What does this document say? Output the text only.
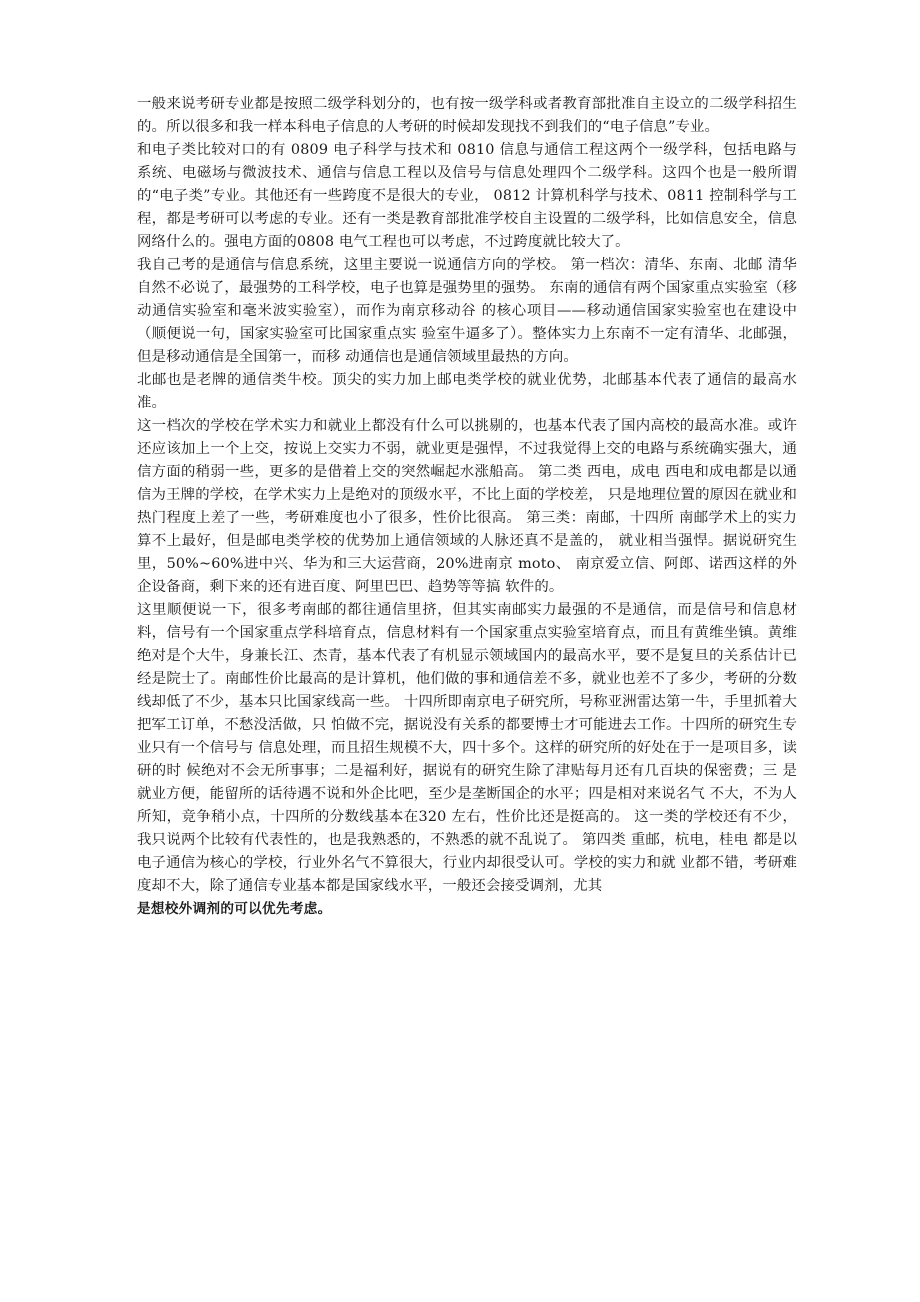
一般来说考研专业都是按照二级学科划分的，也有按一级学科或者教育部批准自主设立的二级学科招生的。所以很多和我一样本科电子信息的人考研的时候却发现找不到我们的“电子信息”专业。

和电子类比较对口的有 0809 电子科学与技术和 0810 信息与通信工程这两个一级学科，包括电路与系统、电磁场与微波技术、通信与信息工程以及信号与信息处理四个二级学科。这四个也是一般所谓的“电子类”专业。其他还有一些跨度不是很大的专业， 0812 计算机科学与技术、0811 控制科学与工程，都是考研可以考虑的专业。还有一类是教育部批准学校自主设置的二级学科，比如信息安全，信息网络什么的。强电方面的0808 电气工程也可以考虑，不过跨度就比较大了。

我自己考的是通信与信息系统，这里主要说一说通信方向的学校。 第一档次：清华、东南、北邮 清华自然不必说了，最强势的工科学校，电子也算是强势里的强势。 东南的通信有两个国家重点实验室（移动通信实验室和毫米波实验室），而作为南京移动谷 的核心项目——移动通信国家实验室也在建设中（顺便说一句，国家实验室可比国家重点实 验室牛逼多了）。整体实力上东南不一定有清华、北邮强，但是移动通信是全国第一，而移 动通信也是通信领域里最热的方向。

北邮也是老牌的通信类牛校。顶尖的实力加上邮电类学校的就业优势，北邮基本代表了通信的最高水准。

这一档次的学校在学术实力和就业上都没有什么可以挑剔的，也基本代表了国内高校的最高水准。或许还应该加上一个上交，按说上交实力不弱，就业更是强悍，不过我觉得上交的电路与系统确实强大，通信方面的稍弱一些，更多的是借着上交的突然崛起水涨船高。 第二类 西电，成电 西电和成电都是以通信为王牌的学校，在学术实力上是绝对的顶级水平，不比上面的学校差， 只是地理位置的原因在就业和热门程度上差了一些，考研难度也小了很多，性价比很高。 第三类：南邮，十四所 南邮学术上的实力算不上最好，但是邮电类学校的优势加上通信领域的人脉还真不是盖的， 就业相当强悍。据说研究生里，50%~60%进中兴、华为和三大运营商，20%进南京 moto、 南京爱立信、阿郎、诺西这样的外企设备商，剩下来的还有进百度、阿里巴巴、趋势等等搞 软件的。

这里顺便说一下，很多考南邮的都往通信里挤，但其实南邮实力最强的不是通信，而是信号和信息材料，信号有一个国家重点学科培育点，信息材料有一个国家重点实验室培育点，而且有黄维坐镇。黄维绝对是个大牛，身兼长江、杰青，基本代表了有机显示领域国内的最高水平，要不是复旦的关系估计已经是院士了。南邮性价比最高的是计算机，他们做的事和通信差不多，就业也差不了多少，考研的分数线却低了不少，基本只比国家线高一些。 十四所即南京电子研究所，号称亚洲雷达第一牛，手里抓着大把军工订单，不愁没活做，只 怕做不完，据说没有关系的都要博士才可能进去工作。十四所的研究生专业只有一个信号与 信息处理，而且招生规模不大，四十多个。这样的研究所的好处在于一是项目多，读研的时 候绝对不会无所事事；二是福利好，据说有的研究生除了津贴每月还有几百块的保密费；三 是就业方便，能留所的话待遇不说和外企比吧，至少是垄断国企的水平；四是相对来说名气 不大，不为人所知，竞争稍小点，十四所的分数线基本在320 左右，性价比还是挺高的。 这一类的学校还有不少，我只说两个比较有代表性的，也是我熟悉的，不熟悉的就不乱说了。 第四类 重邮，杭电，桂电 都是以电子通信为核心的学校，行业外名气不算很大，行业内却很受认可。学校的实力和就 业都不错，考研难度却不大，除了通信专业基本都是国家线水平，一般还会接受调剂，尤其

是想校外调剂的可以优先考虑。
